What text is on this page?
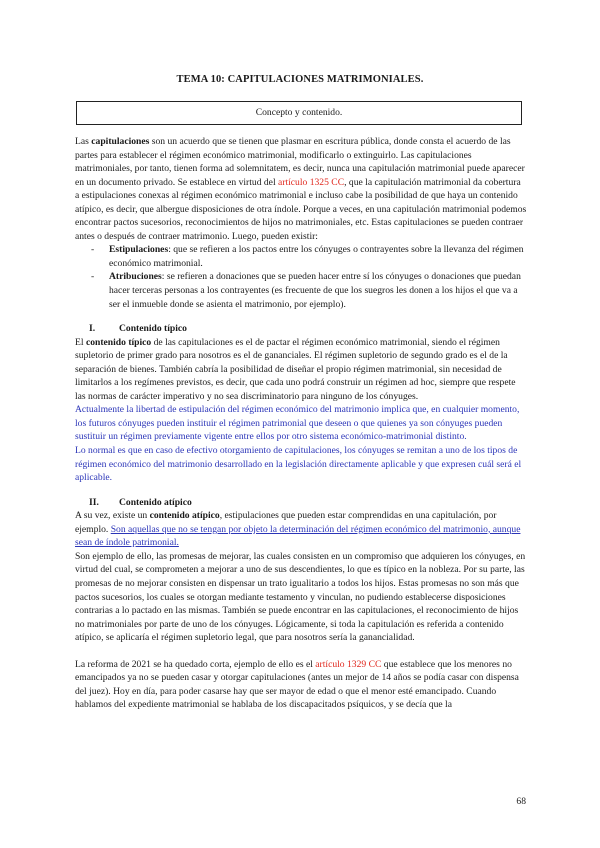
TEMA 10: CAPITULACIONES MATRIMONIALES.
Concepto y contenido.

Las capitulaciones son un acuerdo que se tienen que plasmar en escritura pública, donde consta el acuerdo de las partes para establecer el régimen económico matrimonial, modificarlo o extinguirlo. Las capitulaciones matrimoniales, por tanto, tienen forma ad solemnitatem, es decir, nunca una capitulación matrimonial puede aparecer en un documento privado. Se establece en virtud del artículo 1325 CC, que la capitulación matrimonial da cobertura a estipulaciones conexas al régimen económico matrimonial e incluso cabe la posibilidad de que haya un contenido atípico, es decir, que albergue disposiciones de otra índole. Porque a veces, en una capitulación matrimonial podemos encontrar pactos sucesorios, reconocimientos de hijos no matrimoniales, etc. Estas capitulaciones se pueden contraer antes o después de contraer matrimonio. Luego, pueden existir:

- Estipulaciones: que se refieren a los pactos entre los cónyuges o contrayentes sobre la llevanza del régimen económico matrimonial.
- Atribuciones: se refieren a donaciones que se pueden hacer entre sí los cónyuges o donaciones que puedan hacer terceras personas a los contrayentes (es frecuente de que los suegros les donen a los hijos el que va a ser el inmueble donde se asienta el matrimonio, por ejemplo).
I. Contenido típico

El contenido típico de las capitulaciones es el de pactar el régimen económico matrimonial, siendo el régimen supletorio de primer grado para nosotros es el de gananciales. El régimen supletorio de segundo grado es el de la separación de bienes. También cabría la posibilidad de diseñar el propio régimen matrimonial, sin necesidad de limitarlos a los regímenes previstos, es decir, que cada uno podrá construir un régimen ad hoc, siempre que respete las normas de carácter imperativo y no sea discriminatorio para ninguno de los cónyuges.

Actualmente la libertad de estipulación del régimen económico del matrimonio implica que, en cualquier momento, los futuros cónyuges pueden instituir el régimen patrimonial que deseen o que quienes ya son cónyuges pueden sustituir un régimen previamente vigente entre ellos por otro sistema económico-matrimonial distinto.

Lo normal es que en caso de efectivo otorgamiento de capitulaciones, los cónyuges se remitan a uno de los tipos de régimen económico del matrimonio desarrollado en la legislación directamente aplicable y que expresen cuál será el aplicable.

II. Contenido atípico

A su vez, existe un contenido atípico, estipulaciones que pueden estar comprendidas en una capitulación, por ejemplo. Son aquellas que no se tengan por objeto la determinación del régimen económico del matrimonio, aunque sean de índole patrimonial.

Son ejemplo de ello, las promesas de mejorar, las cuales consisten en un compromiso que adquieren los cónyuges, en virtud del cual, se comprometen a mejorar a uno de sus descendientes, lo que es típico en la nobleza. Por su parte, las promesas de no mejorar consisten en dispensar un trato igualitario a todos los hijos. Estas promesas no son más que pactos sucesorios, los cuales se otorgan mediante testamento y vinculan, no pudiendo establecerse disposiciones contrarias a lo pactado en las mismas. También se puede encontrar en las capitulaciones, el reconocimiento de hijos no matrimoniales por parte de uno de los cónyuges. Lógicamente, si toda la capitulación es referida a contenido atípico, se aplicaría el régimen supletorio legal, que para nosotros sería la ganancialidad.

La reforma de 2021 se ha quedado corta, ejemplo de ello es el artículo 1329 CC que establece que los menores no emancipados ya no se pueden casar y otorgar capitulaciones (antes un mejor de 14 años se podía casar con dispensa del juez). Hoy en día, para poder casarse hay que ser mayor de edad o que el menor esté emancipado. Cuando hablamos del expediente matrimonial se hablaba de los discapacitados psíquicos, y se decía que la

68
